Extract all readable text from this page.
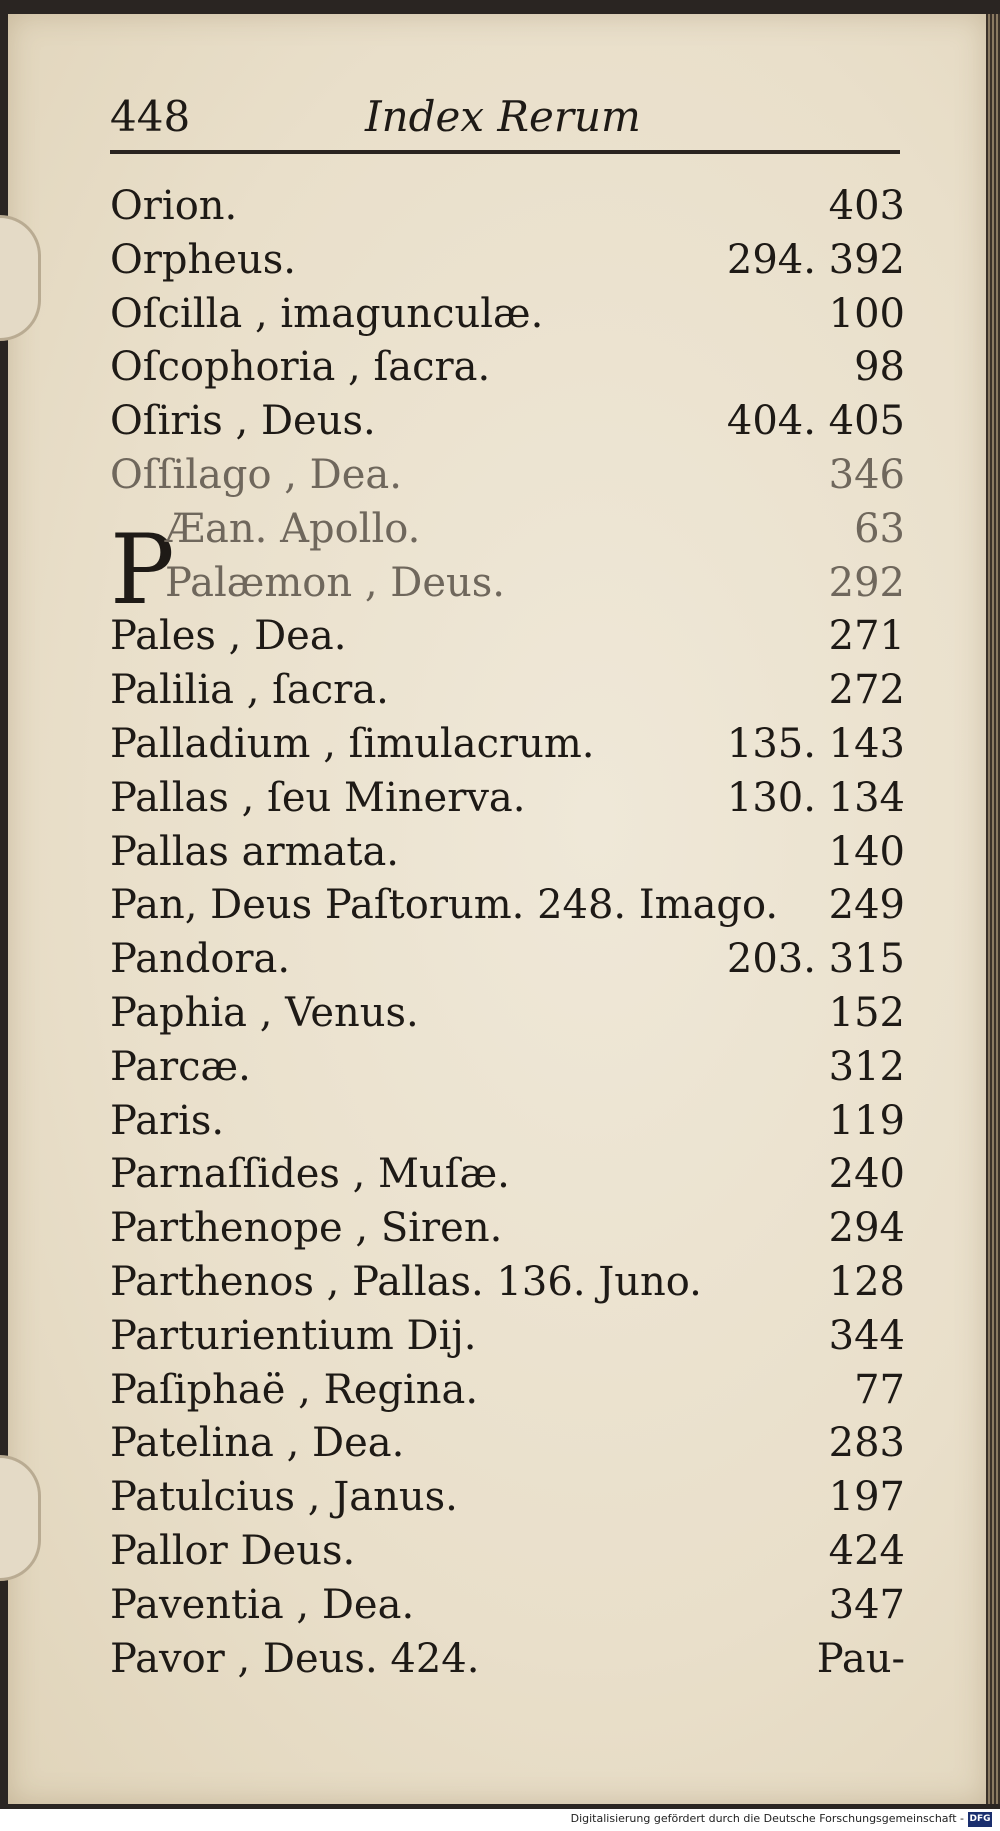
448	Index Rerum
P
Orion.	403
Orpheus.	294. 392
Oſcilla , imagunculæ.	100
Oſcophoria , ſacra.	98
Oſiris , Deus.	404. 405
Oſſilago , Dea.	346
Æan. Apollo.	63
Palæmon , Deus.	292
Pales , Dea.	271
Palilia , ſacra.	272
Palladium , ſimulacrum.	135. 143
Pallas , ſeu Minerva.	130. 134
Pallas armata.	140
Pan, Deus Paſtorum. 248. Imago. 249
Pandora.	203. 315
Paphia , Venus.	152
Parcæ.	312
Paris.	119
Parnaſſides , Muſæ.	240
Parthenope , Siren.	294
Parthenos , Pallas. 136. Juno.	128
Parturientium Dij.	344
Paſiphaë , Regina.	77
Patelina , Dea.	283
Patulcius , Janus.	197
Pallor Deus.	424
Paventia , Dea.	347
Pavor , Deus. 424.	Pau-
Digitalisierung gefördert durch die Deutsche Forschungsgemeinschaft - DFG
